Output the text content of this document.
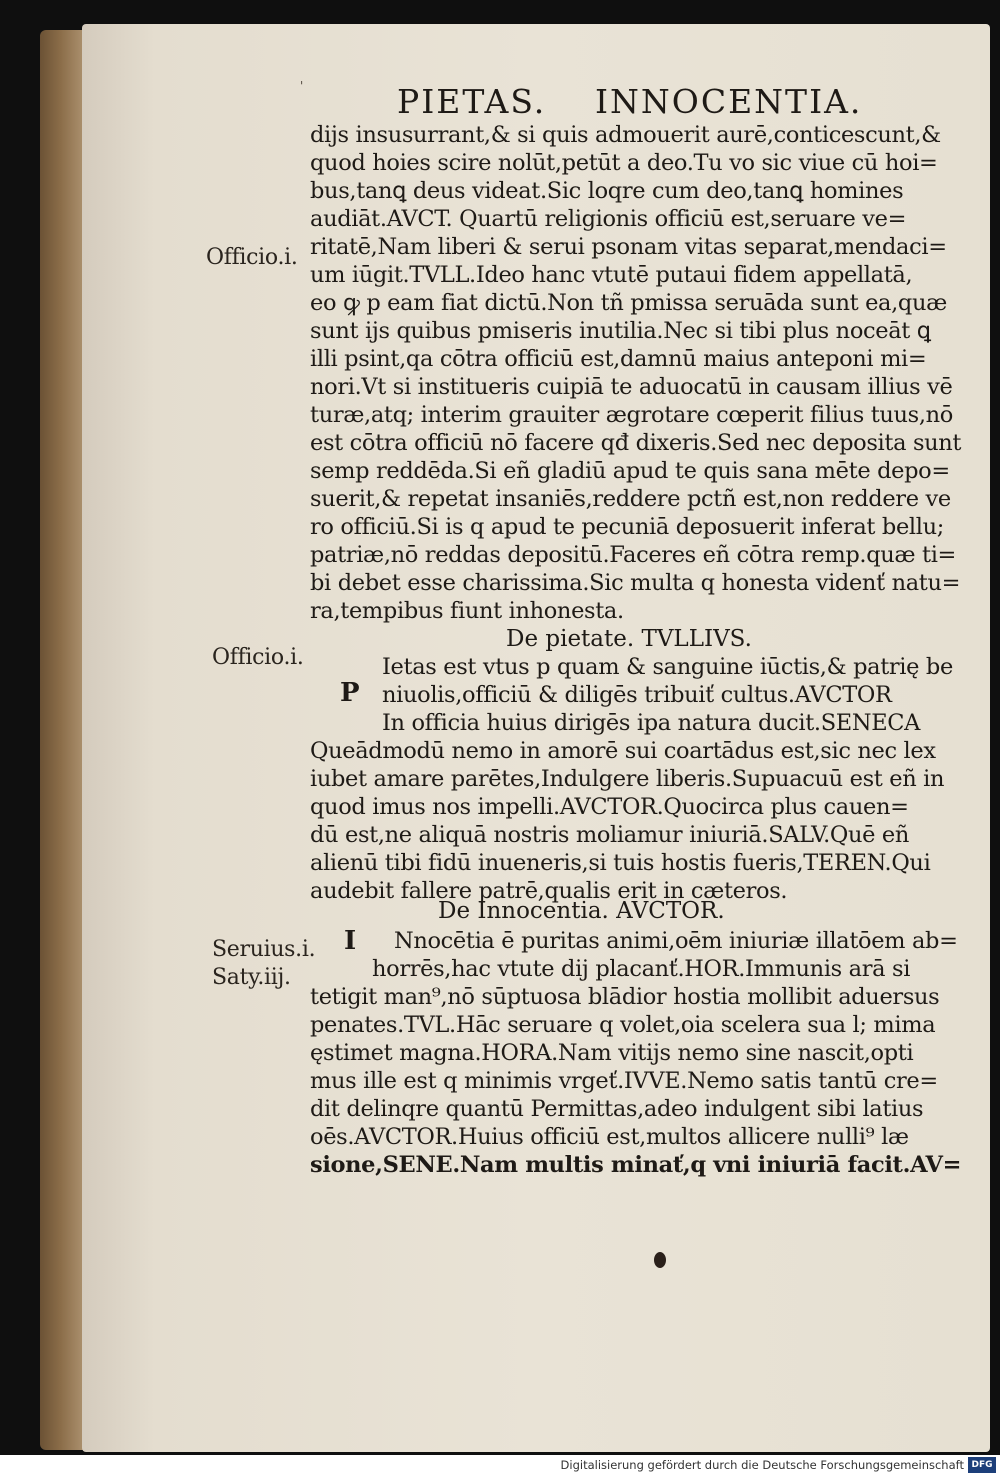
'	PIETAS. INNOCENTIA.
Officio.i.
Officio.i.
Seruius.i.
Saty.iij.
dijs insusurrant,& si quis admouerit aurē,conticescunt,&
quod hoies scire nolūt,petūt a deo.Tu vo sic viue cū hoi=
bus,tanꝗ deus videat.Sic loqre cum deo,tanꝗ homines
audiāt.AVCT. Quartū religionis officiū est,seruare ve=
ritatē,Nam liberi & serui psonam vitas separat,mendaci=
um iūgit.TVLL.Ideo hanc vtutē putaui fidem appellatā,
eo ꝙ p eam fiat dictū.Non tñ pmissa seruāda sunt ea,quæ
sunt ijs quibus pmiseris inutilia.Nec si tibi plus noceāt ꝗ
illi psint,qa cōtra officiū est,damnū maius anteponi mi=
nori.Vt si institueris cuipiā te aduocatū in causam illius vē
turæ,atq; interim grauiter ægrotare cœperit filius tuus,nō
est cōtra officiū nō facere qđ dixeris.Sed nec deposita sunt
semp reddēda.Si eñ gladiū apud te quis sana mēte depo=
suerit,& repetat insaniēs,reddere pctñ est,non reddere ve
ro officiū.Si is q apud te pecuniā deposuerit inferat bellu;
patriæ,nō reddas depositū.Faceres eñ cōtra remp.quæ ti=
bi debet esse charissima.Sic multa q honesta videnť natu=
ra,tempibus fiunt inhonesta.
De pietate. TVLLIVS.
P
Ietas est vtus p quam & sanguine iūctis,& patrię be
niuolis,officiū & diligēs tribuiť cultus.AVCTOR
In officia huius dirigēs ipa natura ducit.SENECA
Queādmodū nemo in amorē sui coartādus est,sic nec lex
iubet amare parētes,Indulgere liberis.Supuacuū est eñ in
quod imus nos impelli.AVCTOR.Quocirca plus cauen=
dū est,ne aliquā nostris moliamur iniuriā.SALV.Quē eñ
alienū tibi fidū inueneris,si tuis hostis fueris,TEREN.Qui
audebit fallere patrē,qualis erit in cæteros.
De Innocentia. AVCTOR.
I Nnocētia ē puritas animi,oēm iniuriæ illatōem ab=
horrēs,hac vtute dij placanť.HOR.Immunis arā si
tetigit man⁹,nō sūptuosa blādior hostia mollibit aduersus
penates.TVL.Hāc seruare q volet,oia scelera sua l; mima
ęstimet magna.HORA.Nam vitijs nemo sine nascit,opti
mus ille est q minimis vrgeť.IVVE.Nemo satis tantū cre=
dit delinqre quantū Permittas,adeo indulgent sibi latius
oēs.AVCTOR.Huius officiū est,multos allicere nulli⁹ læ
sione,SENE.Nam multis minať,q vni iniuriā facit.AV=
Digitalisierung gefördert durch die Deutsche Forschungsgemeinschaft DFG
